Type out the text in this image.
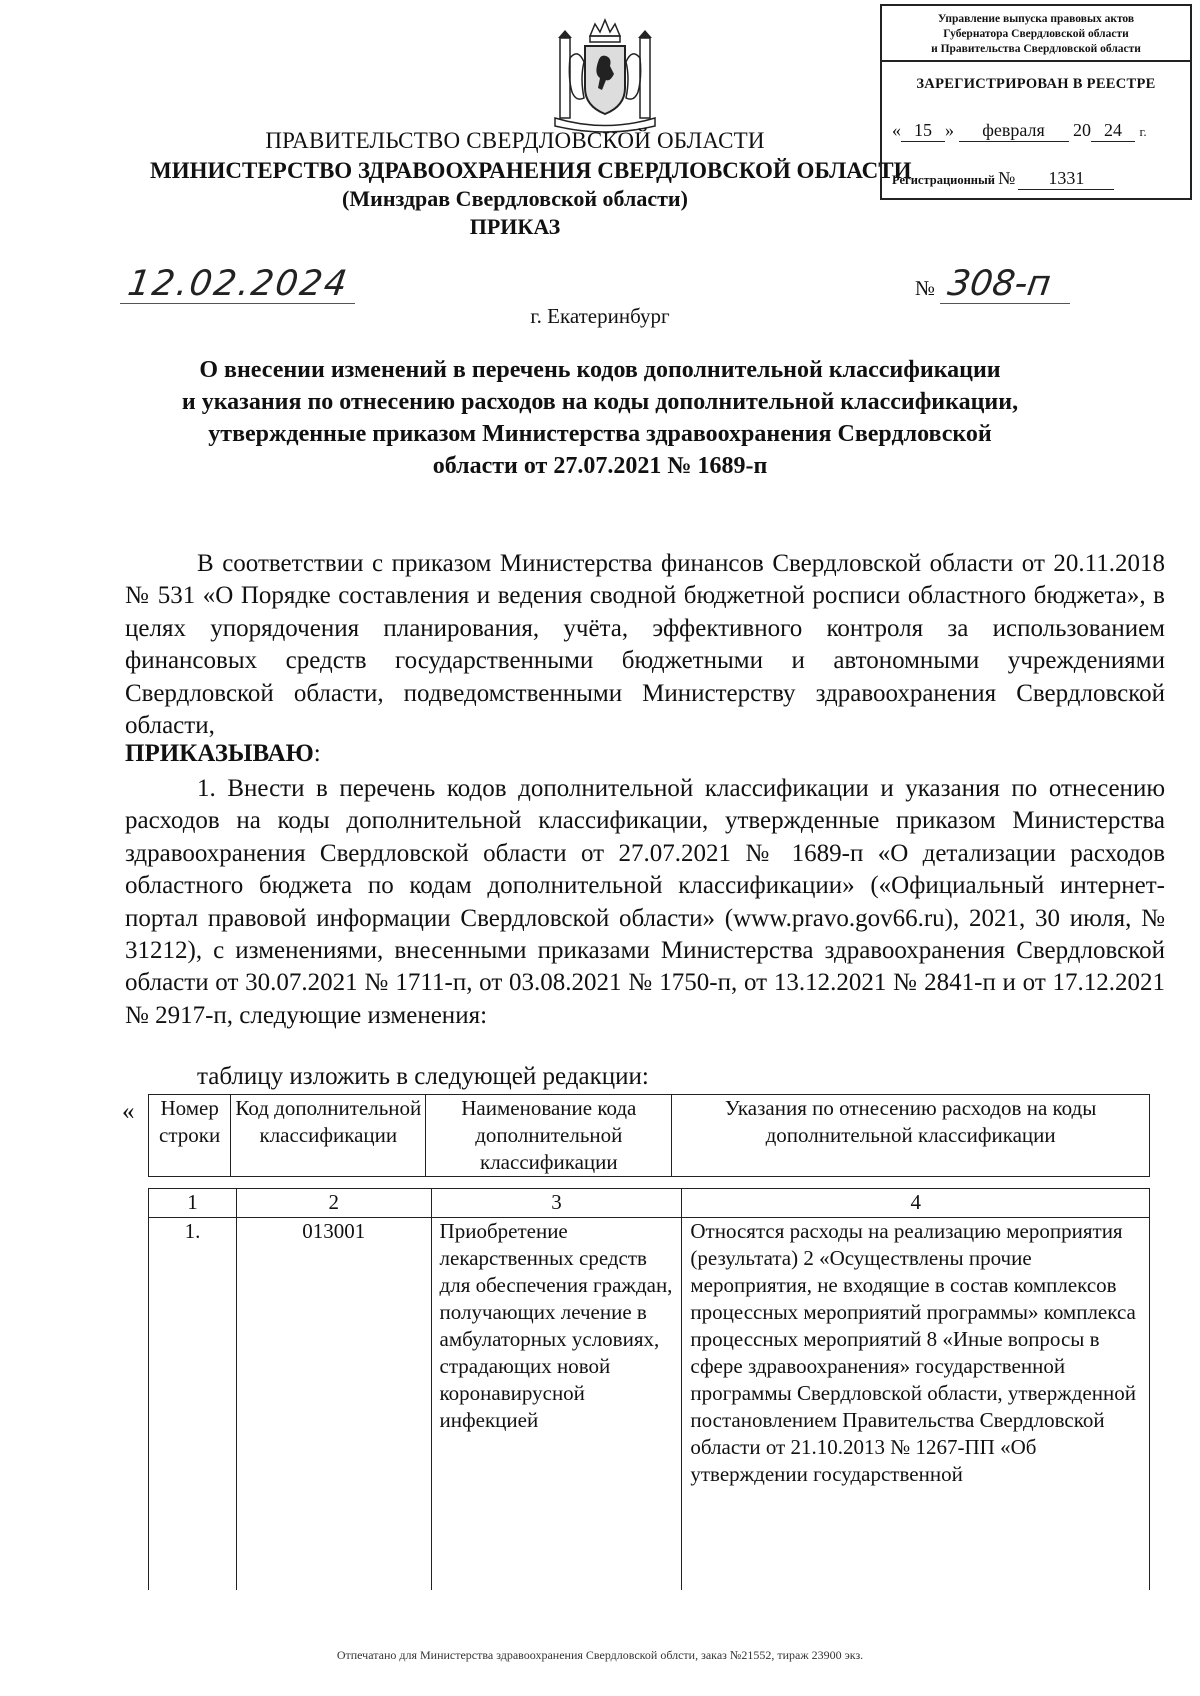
ПРАВИТЕЛЬСТВО СВЕРДЛОВСКОЙ ОБЛАСТИ
МИНИСТЕРСТВО ЗДРАВООХРАНЕНИЯ СВЕРДЛОВСКОЙ ОБЛАСТИ
(Минздрав Свердловской области)
ПРИКАЗ
Управление выпуска правовых актов
Губернатора Свердловской области
и Правительства Свердловской области
ЗАРЕГИСТРИРОВАН В РЕЕСТРЕ
« 15 » февраля 20 24 г.
Регистрационный № 1331
12.02.2024	№ 308-п
г. Екатеринбург
О внесении изменений в перечень кодов дополнительной классификации
и указания по отнесению расходов на коды дополнительной классификации,
утвержденные приказом Министерства здравоохранения Свердловской
области от 27.07.2021 № 1689-п
В соответствии с приказом Министерства финансов Свердловской области от 20.11.2018 № 531 «О Порядке составления и ведения сводной бюджетной росписи областного бюджета», в целях упорядочения планирования, учёта, эффективного контроля за использованием финансовых средств государственными бюджетными и автономными учреждениями Свердловской области, подведомственными Министерству здравоохранения Свердловской области,
ПРИКАЗЫВАЮ:
1. Внести в перечень кодов дополнительной классификации и указания по отнесению расходов на коды дополнительной классификации, утвержденные приказом Министерства здравоохранения Свердловской области от 27.07.2021 № 1689-п «О детализации расходов областного бюджета по кодам дополнительной классификации» («Официальный интернет-портал правовой информации Свердловской области» (www.pravo.gov66.ru), 2021, 30 июля, № 31212), с изменениями, внесенными приказами Министерства здравоохранения Свердловской области от 30.07.2021 № 1711-п, от 03.08.2021 № 1750-п, от 13.12.2021 № 2841-п и от 17.12.2021 № 2917-п, следующие изменения:
таблицу изложить в следующей редакции:
« Номер строки	Код дополнительной классификации	Наименование кода дополнительной классификации	Указания по отнесению расходов на коды дополнительной классификации
1	2	3	4
1.	013001	Приобретение лекарственных средств для обеспечения граждан, получающих лечение в амбулаторных условиях, страдающих новой коронавирусной инфекцией	Относятся расходы на реализацию мероприятия (результата) 2 «Осуществлены прочие мероприятия, не входящие в состав комплексов процессных мероприятий программы» комплекса процессных мероприятий 8 «Иные вопросы в сфере здравоохранения» государственной программы Свердловской области, утвержденной постановлением Правительства Свердловской области от 21.10.2013 № 1267-ПП «Об утверждении государственной
Отпечатано для Министерства здравоохранения Свердловской облсти, заказ №21552, тираж 23900 экз.
